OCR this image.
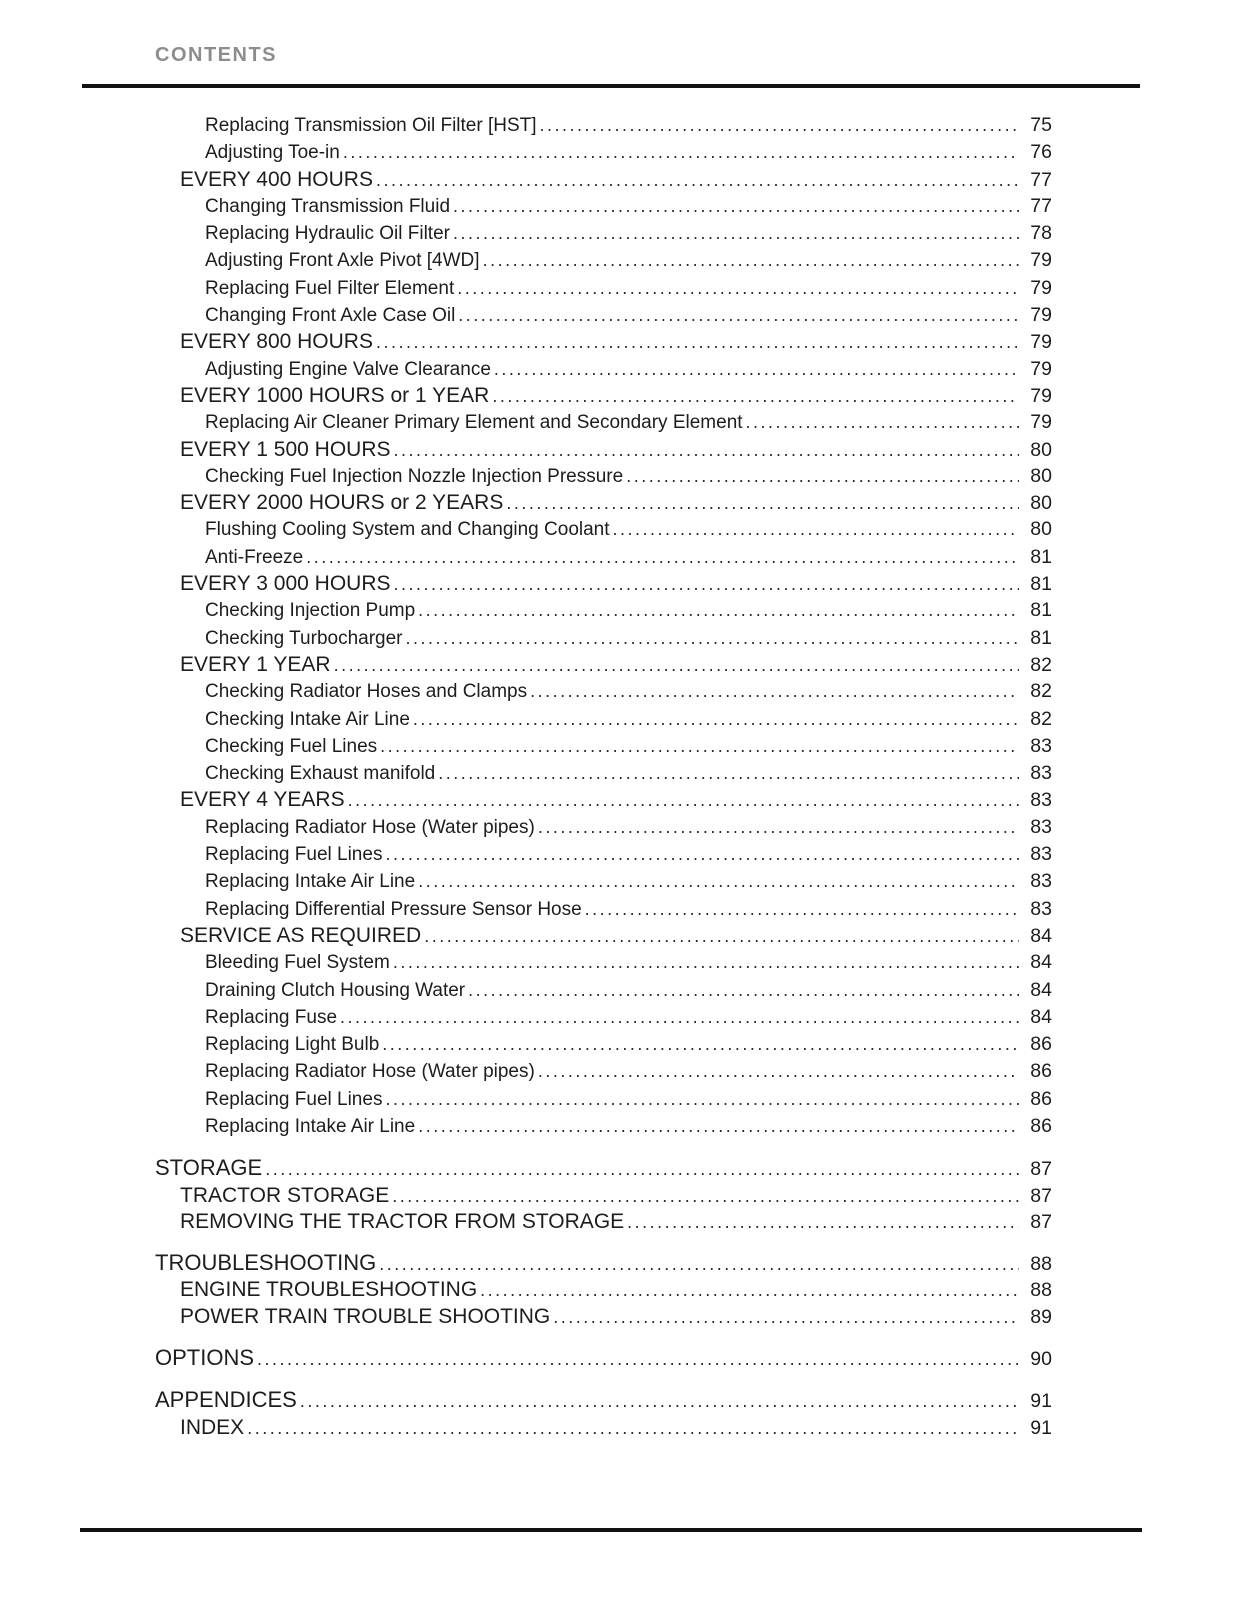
CONTENTS
Replacing Transmission Oil Filter [HST] .....	75
Adjusting Toe-in .....	76
EVERY 400 HOURS .....	77
Changing Transmission Fluid .....	77
Replacing Hydraulic Oil Filter .....	78
Adjusting Front Axle Pivot [4WD] .....	79
Replacing Fuel Filter Element .....	79
Changing Front Axle Case Oil .....	79
EVERY 800 HOURS .....	79
Adjusting Engine Valve Clearance .....	79
EVERY 1000 HOURS or 1 YEAR .....	79
Replacing Air Cleaner Primary Element and Secondary Element .....	79
EVERY 1 500 HOURS .....	80
Checking Fuel Injection Nozzle Injection Pressure .....	80
EVERY 2000 HOURS or 2 YEARS .....	80
Flushing Cooling System and Changing Coolant .....	80
Anti-Freeze .....	81
EVERY 3 000 HOURS .....	81
Checking Injection Pump .....	81
Checking Turbocharger .....	81
EVERY 1 YEAR .....	82
Checking Radiator Hoses and Clamps .....	82
Checking Intake Air Line .....	82
Checking Fuel Lines .....	83
Checking Exhaust manifold .....	83
EVERY 4 YEARS .....	83
Replacing Radiator Hose (Water pipes) .....	83
Replacing Fuel Lines .....	83
Replacing Intake Air Line .....	83
Replacing Differential Pressure Sensor Hose .....	83
SERVICE AS REQUIRED .....	84
Bleeding Fuel System .....	84
Draining Clutch Housing Water .....	84
Replacing Fuse .....	84
Replacing Light Bulb .....	86
Replacing Radiator Hose (Water pipes) .....	86
Replacing Fuel Lines .....	86
Replacing Intake Air Line .....	86
STORAGE .....	87
TRACTOR STORAGE .....	87
REMOVING THE TRACTOR FROM STORAGE .....	87
TROUBLESHOOTING .....	88
ENGINE TROUBLESHOOTING .....	88
POWER TRAIN TROUBLE SHOOTING .....	89
OPTIONS .....	90
APPENDICES .....	91
INDEX .....	91
